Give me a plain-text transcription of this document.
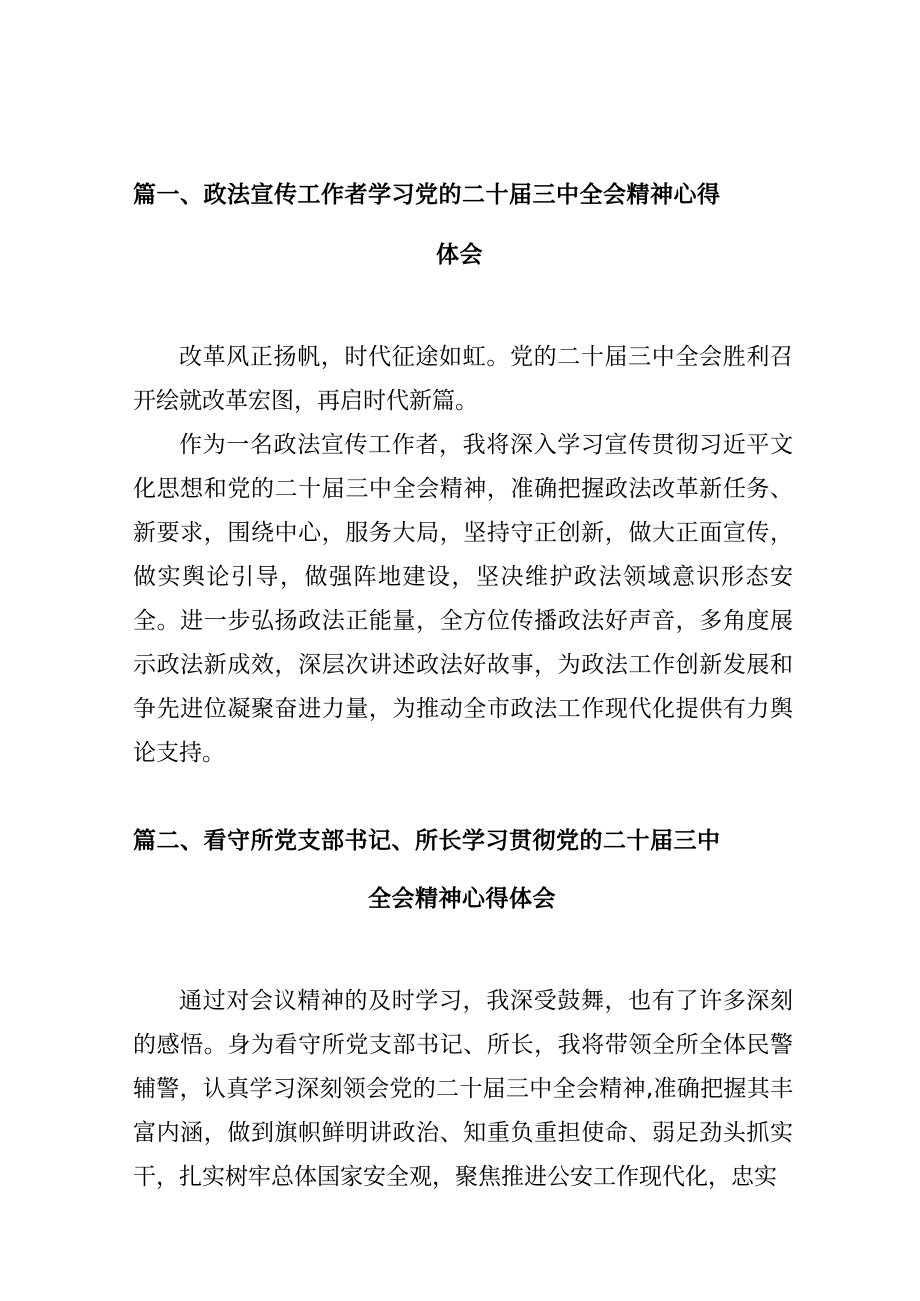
篇一、政法宣传工作者学习党的二十届三中全会精神心得
体会

改革风正扬帆，时代征途如虹。党的二十届三中全会胜利召开绘就改革宏图，再启时代新篇。

作为一名政法宣传工作者，我将深入学习宣传贯彻习近平文化思想和党的二十届三中全会精神，准确把握政法改革新任务、新要求，围绕中心，服务大局，坚持守正创新，做大正面宣传，做实舆论引导，做强阵地建设，坚决维护政法领域意识形态安全。进一步弘扬政法正能量，全方位传播政法好声音，多角度展示政法新成效，深层次讲述政法好故事，为政法工作创新发展和争先进位凝聚奋进力量，为推动全市政法工作现代化提供有力舆论支持。

篇二、看守所党支部书记、所长学习贯彻党的二十届三中
全会精神心得体会

通过对会议精神的及时学习，我深受鼓舞，也有了许多深刻的感悟。身为看守所党支部书记、所长，我将带领全所全体民警辅警，认真学习深刻领会党的二十届三中全会精神,准确把握其丰富内涵，做到旗帜鲜明讲政治、知重负重担使命、弱足劲头抓实干，扎实树牢总体国家安全观，聚焦推进公安工作现代化，忠实
